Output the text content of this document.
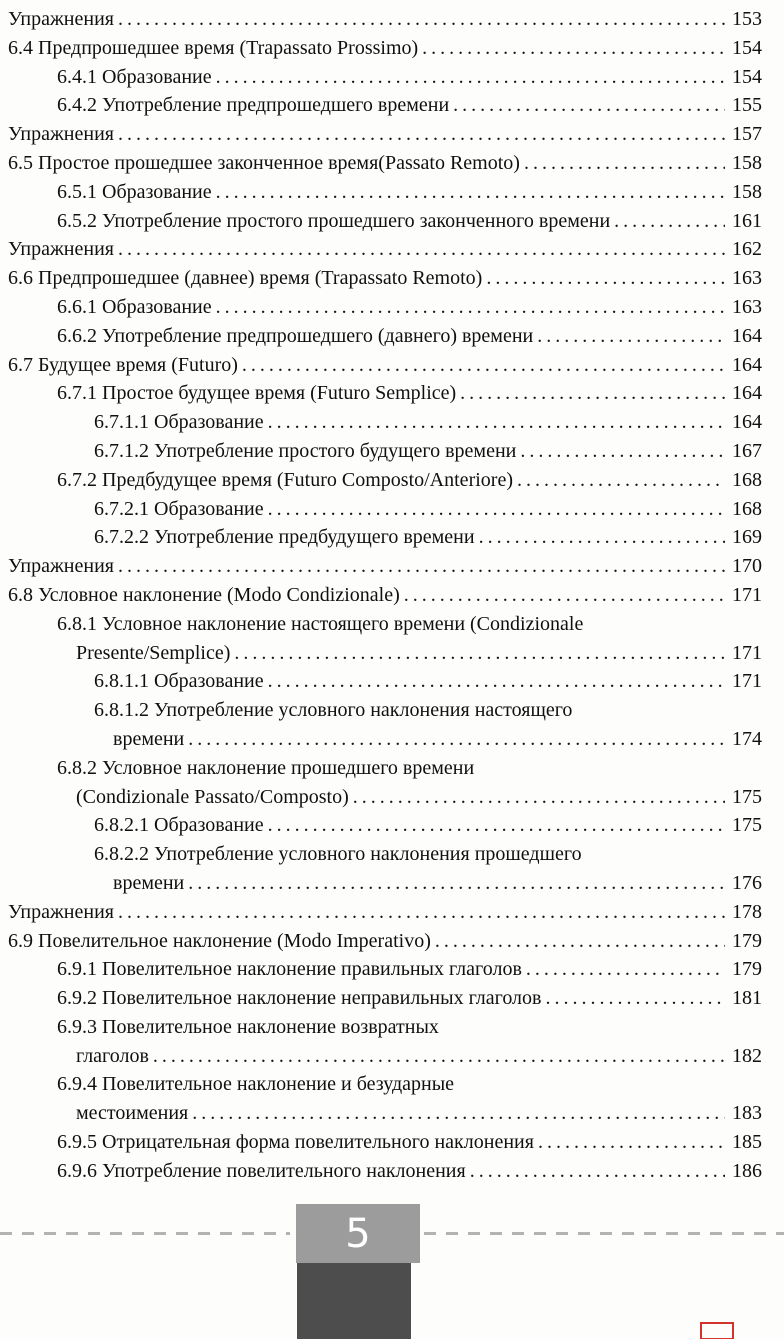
Упражнения .....	153
6.4 Предпрошедшее время (Trapassato Prossimo) .....	154
6.4.1 Образование .....	154
6.4.2 Употребление предпрошедшего времени .....	155
Упражнения .....	157
6.5 Простое прошедшее законченное время(Passato Remoto) .....	158
6.5.1 Образование .....	158
6.5.2 Употребление простого прошедшего законченного времени .....	161
Упражнения .....	162
6.6 Предпрошедшее (давнее) время (Trapassato Remoto) .....	163
6.6.1 Образование .....	163
6.6.2 Употребление предпрошедшего (давнего) времени .....	164
6.7 Будущее время (Futuro) .....	164
6.7.1 Простое будущее время (Futuro Semplice) .....	164
6.7.1.1 Образование .....	164
6.7.1.2 Употребление простого будущего времени .....	167
6.7.2 Предбудущее время (Futuro Composto/Anteriore) .....	168
6.7.2.1 Образование .....	168
6.7.2.2 Употребление предбудущего времени .....	169
Упражнения .....	170
6.8 Условное наклонение (Modo Condizionale) .....	171
6.8.1 Условное наклонение настоящего времени (Condizionale
Presente/Semplice) .....	171
6.8.1.1 Образование .....	171
6.8.1.2 Употребление условного наклонения настоящего
времени .....	174
6.8.2 Условное наклонение прошедшего времени
(Condizionale Passato/Composto) .....	175
6.8.2.1 Образование .....	175
6.8.2.2 Употребление условного наклонения прошедшего
времени .....	176
Упражнения .....	178
6.9 Повелительное наклонение (Modo Imperativo) .....	179
6.9.1 Повелительное наклонение правильных глаголов .....	179
6.9.2 Повелительное наклонение неправильных глаголов .....	181
6.9.3 Повелительное наклонение возвратных
глаголов .....	182
6.9.4 Повелительное наклонение и безударные
местоимения .....	183
6.9.5 Отрицательная форма повелительного наклонения .....	185
6.9.6 Употребление повелительного наклонения .....	186
5
